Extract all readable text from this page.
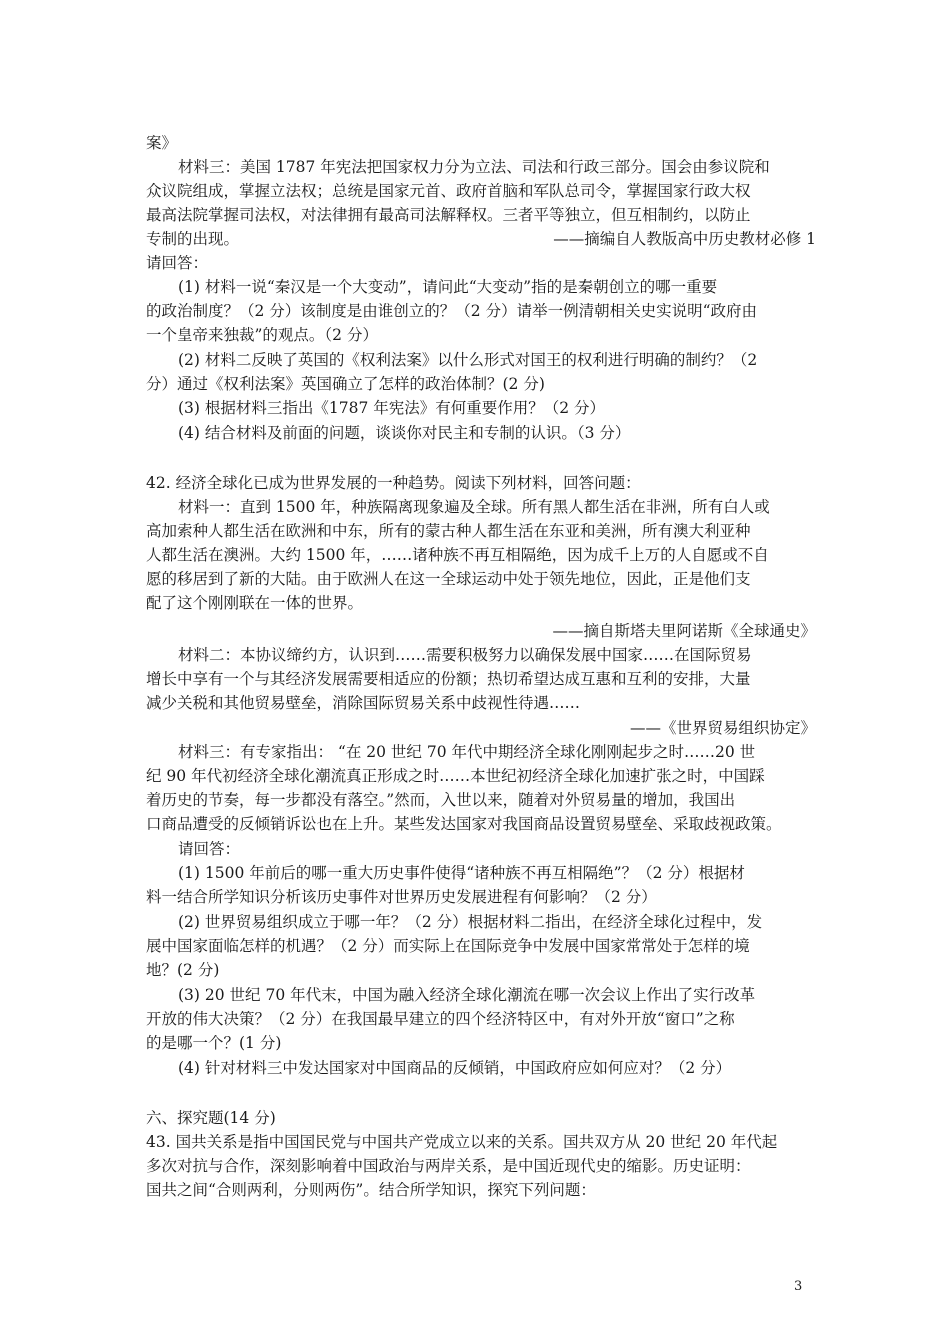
案》
材料三：美国 1787 年宪法把国家权力分为立法、司法和行政三部分。国会由参议院和
众议院组成，掌握立法权；总统是国家元首、政府首脑和军队总司令，掌握国家行政大权
最高法院掌握司法权，对法律拥有最高司法解释权。三者平等独立，但互相制约，以防止
专制的出现。	——摘编自人教版高中历史教材必修 1
请回答：
(1) 材料一说“秦汉是一个大变动”，请问此“大变动”指的是秦朝创立的哪一重要
的政治制度？（2 分）该制度是由谁创立的？（2 分）请举一例清朝相关史实说明“政府由
一个皇帝来独裁”的观点。（2 分）
(2) 材料二反映了英国的《权利法案》以什么形式对国王的权利进行明确的制约？（2
分）通过《权利法案》英国确立了怎样的政治体制？(2 分)
(3) 根据材料三指出《1787 年宪法》有何重要作用？（2 分）
(4) 结合材料及前面的问题，谈谈你对民主和专制的认识。（3 分）
42. 经济全球化已成为世界发展的一种趋势。阅读下列材料，回答问题：
材料一：直到 1500 年，种族隔离现象遍及全球。所有黑人都生活在非洲，所有白人或
高加索种人都生活在欧洲和中东，所有的蒙古种人都生活在东亚和美洲，所有澳大利亚种
人都生活在澳洲。大约 1500 年，……诸种族不再互相隔绝，因为成千上万的人自愿或不自
愿的移居到了新的大陆。由于欧洲人在这一全球运动中处于领先地位，因此，正是他们支
配了这个刚刚联在一体的世界。
——摘自斯塔夫里阿诺斯《全球通史》
材料二：本协议缔约方，认识到……需要积极努力以确保发展中国家……在国际贸易
增长中享有一个与其经济发展需要相适应的份额；热切希望达成互惠和互利的安排，大量
减少关税和其他贸易壁垒，消除国际贸易关系中歧视性待遇……
——《世界贸易组织协定》
材料三：有专家指出： “在 20 世纪 70 年代中期经济全球化刚刚起步之时……20 世
纪 90 年代初经济全球化潮流真正形成之时……本世纪初经济全球化加速扩张之时，中国踩
着历史的节奏，每一步都没有落空。”然而，入世以来，随着对外贸易量的增加，我国出
口商品遭受的反倾销诉讼也在上升。某些发达国家对我国商品设置贸易壁垒、采取歧视政策。
请回答：
(1) 1500 年前后的哪一重大历史事件使得“诸种族不再互相隔绝”？（2 分）根据材
料一结合所学知识分析该历史事件对世界历史发展进程有何影响？（2 分）
(2) 世界贸易组织成立于哪一年？（2 分）根据材料二指出，在经济全球化过程中，发
展中国家面临怎样的机遇？（2 分）而实际上在国际竞争中发展中国家常常处于怎样的境
地？(2 分)
(3) 20 世纪 70 年代末，中国为融入经济全球化潮流在哪一次会议上作出了实行改革
开放的伟大决策？（2 分）在我国最早建立的四个经济特区中，有对外开放“窗口”之称
的是哪一个？(1 分)
(4) 针对材料三中发达国家对中国商品的反倾销，中国政府应如何应对？（2 分）
六、探究题(14 分)
43. 国共关系是指中国国民党与中国共产党成立以来的关系。国共双方从 20 世纪 20 年代起
多次对抗与合作，深刻影响着中国政治与两岸关系，是中国近现代史的缩影。历史证明：
国共之间“合则两利，分则两伤”。结合所学知识，探究下列问题：
3
